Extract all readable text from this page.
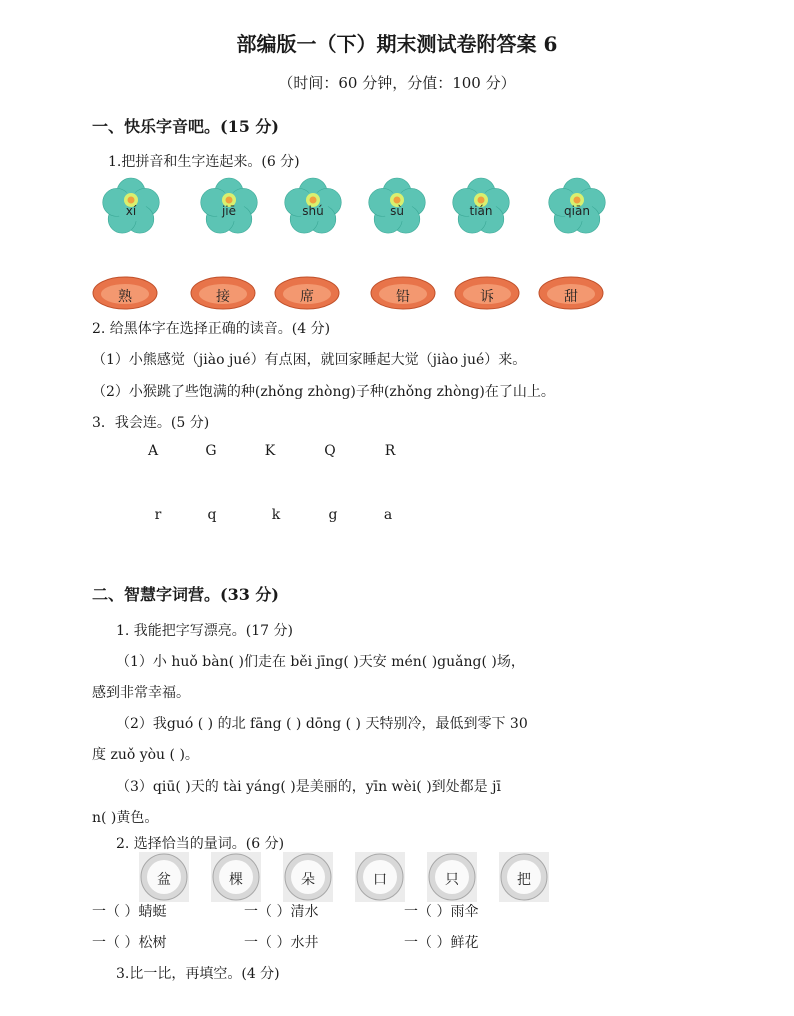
部编版一（下）期末测试卷附答案 6
（时间：60 分钟，分值：100 分）
一、快乐字音吧。(15 分)
1.把拼音和生字连起来。(6 分)
xí	jiē	shú	sù	tián	qiān
熟	接	席	铅	诉	甜
2. 给黑体字在选择正确的读音。(4 分)
（1）小熊感觉（jiào jué）有点困，就回家睡起大觉（jiào jué）来。
（2）小猴跳了些饱满的种(zhǒng zhòng)子种(zhǒng zhòng)在了山上。
3．我会连。(5 分)
A	G	K	Q	R
r	q	k	g	a
二、智慧字词营。(33 分)
1. 我能把字写漂亮。(17 分)
（1）小 huǒ bàn( )们走在 běi jīng( )天安 mén( )guǎng( )场，
感到非常幸福。
（2）我guó ( ) 的北 fāng ( ) dōng ( ) 天特别冷，最低到零下 30
度 zuǒ yòu ( )。
（3）qiū( )天的 tài yáng( )是美丽的，yīn wèi( )到处都是 jī
n( )黄色。
2. 选择恰当的量词。(6 分)
盆	棵	朵	口	只	把
一（ ）蜻蜓	一（ ）清水	一（ ）雨伞
一（ ）松树	一（ ）水井	一（ ）鲜花
3.比一比，再填空。(4 分)
